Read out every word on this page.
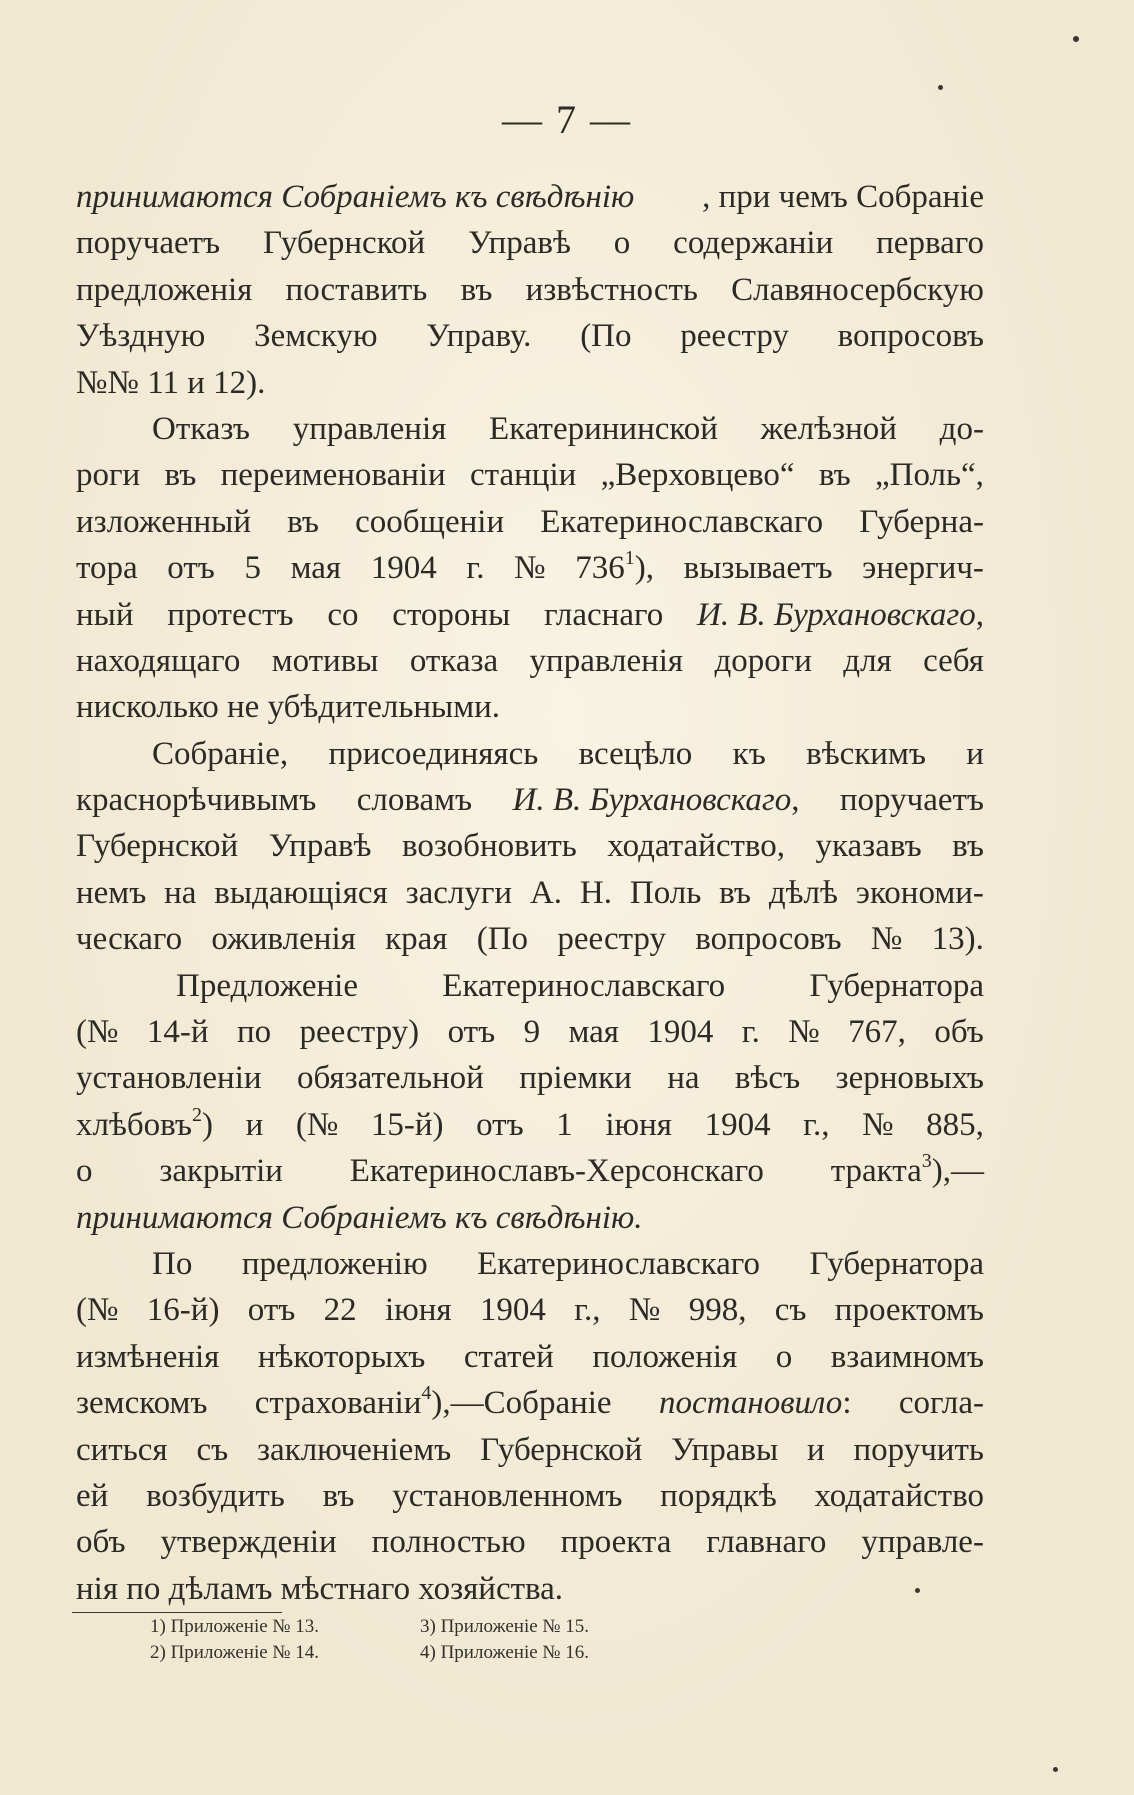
— 7 —
принимаются Собраніемъ къ свѣдѣнію , при чемъ Собраніе
поручаетъ Губернской Управѣ о содержаніи перваго
предложенія поставить въ извѣстность Славяносербскую
Уѣздную Земскую Управу. (По реестру вопросовъ
№№ 11 и 12).
Отказъ управленія Екатерининской желѣзной до-
роги въ переименованіи станціи „Верховцево“ въ „Поль“,
изложенный въ сообщеніи Екатеринославскаго Губерна-
тора отъ 5 мая 1904 г. № $736^1$), вызываетъ энергич-
ный протестъ со стороны гласнаго И. В. Бурхановскаго,
находящаго мотивы отказа управленія дороги для себя
нисколько не убѣдительными.
Собраніе, присоединяясь всецѣло къ вѣскимъ и
краснорѣчивымъ словамъ И. В. Бурхановскаго, поручаетъ
Губернской Управѣ возобновить ходатайство, указавъ въ
немъ на выдающіяся заслуги А. Н. Поль въ дѣлѣ экономи-
ческаго оживленія края (По реестру вопросовъ № 13).
Предложеніе	Екатеринославскаго	Губернатора
(№ 14-й по реестру) отъ 9 мая 1904 г. № 767, объ
установленіи обязательной пріемки на вѣсъ зерновыхъ
хлѣбовъ$^2$) и (№ 15-й) отъ 1 іюня 1904 г., № 885,
о закрытіи Екатеринославъ-Херсонскаго тракта$^3$),—
принимаются Собраніемъ къ свѣдѣнію.
По предложенію Екатеринославскаго Губернатора
(№ 16-й) отъ 22 іюня 1904 г., № 998, съ проектомъ
измѣненія нѣкоторыхъ статей положенія о взаимномъ
земскомъ страхованіи$^4$),—Собраніе постановило: согла-
ситься съ заключеніемъ Губернской Управы и поручить
ей возбудить въ установленномъ порядкѣ ходатайство
объ утвержденіи полностью проекта главнаго управле-
нія по дѣламъ мѣстнаго хозяйства.
1) Приложеніе № 13.	3) Приложеніе № 15.
2) Приложеніе № 14.	4) Приложеніе № 16.
